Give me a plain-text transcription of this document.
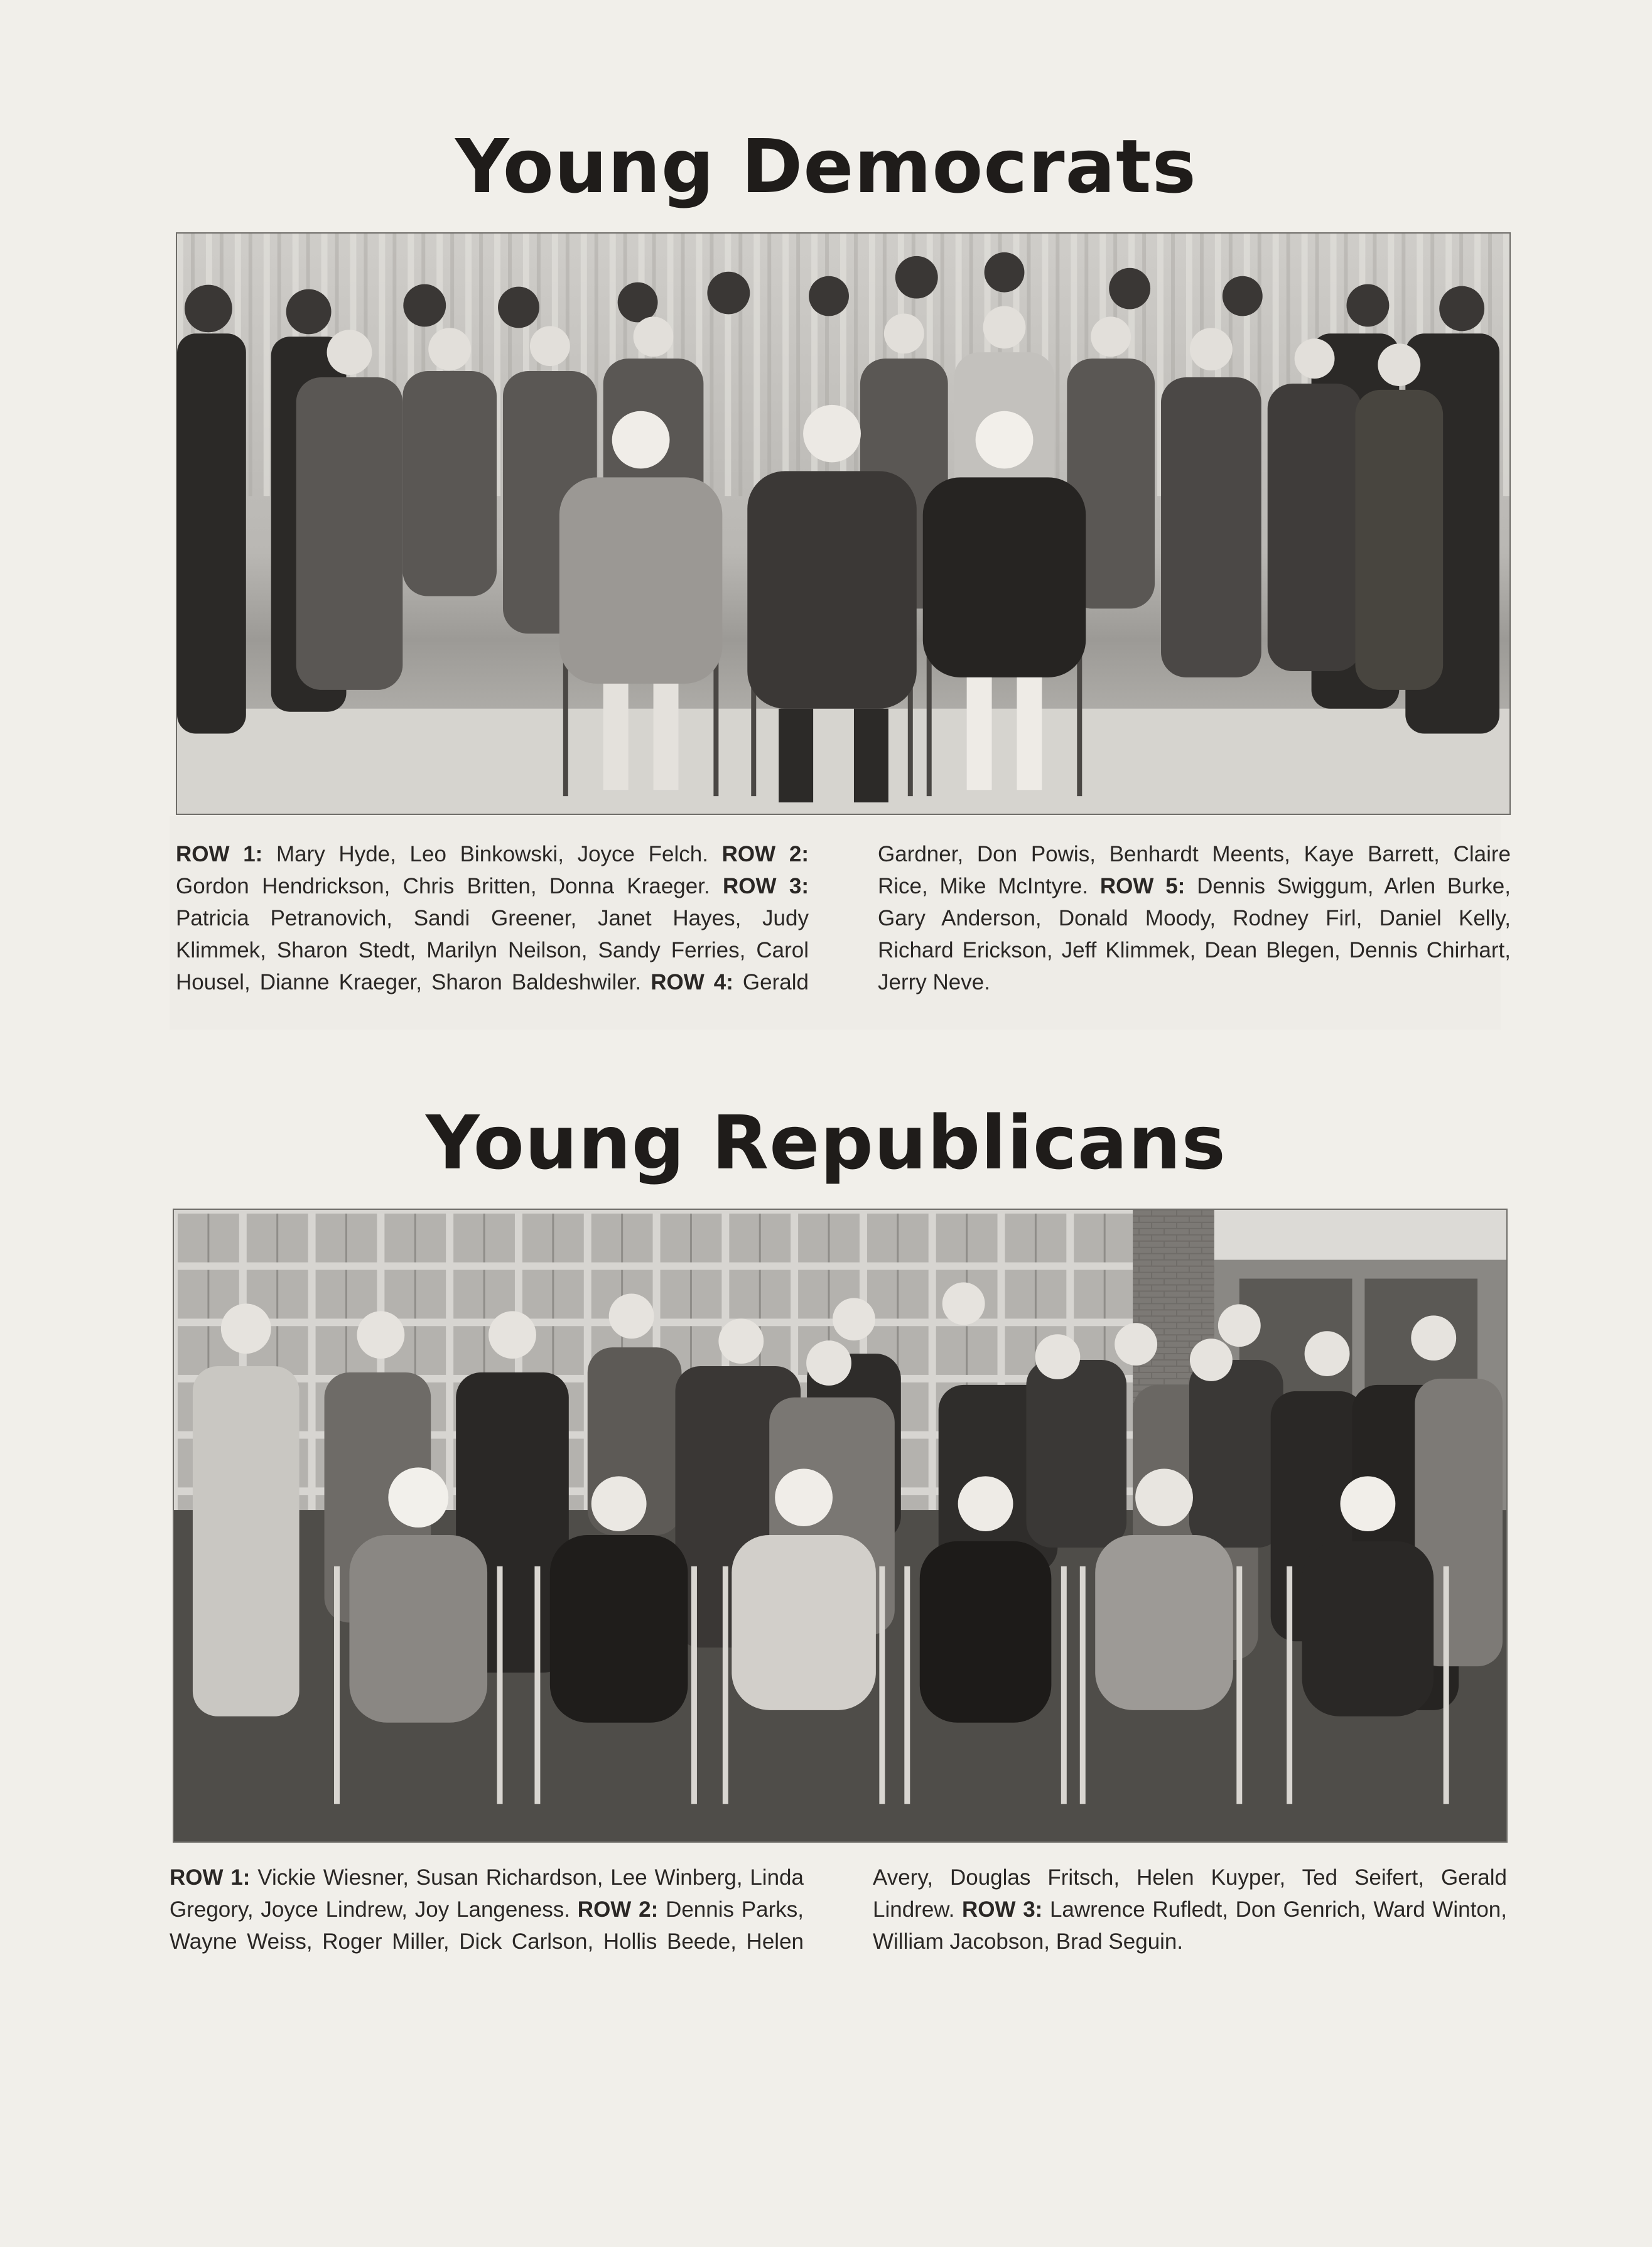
Young Democrats
ROW 1: Mary Hyde, Leo Binkowski, Joyce Felch. ROW 2: Gordon Hendrickson, Chris Britten, Donna Kraeger. ROW 3: Patricia Petranovich, Sandi Greener, Janet Hayes, Judy Klimmek, Sharon Stedt, Marilyn Neilson, Sandy Ferries, Carol Housel, Dianne Kraeger, Sharon Baldeshwiler. ROW 4: Gerald Gardner, Don Powis, Benhardt Meents, Kaye Barrett, Claire Rice, Mike McIntyre. ROW 5: Dennis Swiggum, Arlen Burke, Gary Anderson, Donald Moody, Rodney Firl, Daniel Kelly, Richard Erickson, Jeff Klimmek, Dean Blegen, Dennis Chirhart, Jerry Neve.
Young Republicans
ROW 1: Vickie Wiesner, Susan Richardson, Lee Winberg, Linda Gregory, Joyce Lindrew, Joy Langeness. ROW 2: Dennis Parks, Wayne Weiss, Roger Miller, Dick Carlson, Hollis Beede, Helen Avery, Douglas Fritsch, Helen Kuyper, Ted Seifert, Gerald Lindrew. ROW 3: Lawrence Rufledt, Don Genrich, Ward Winton, William Jacobson, Brad Seguin.
